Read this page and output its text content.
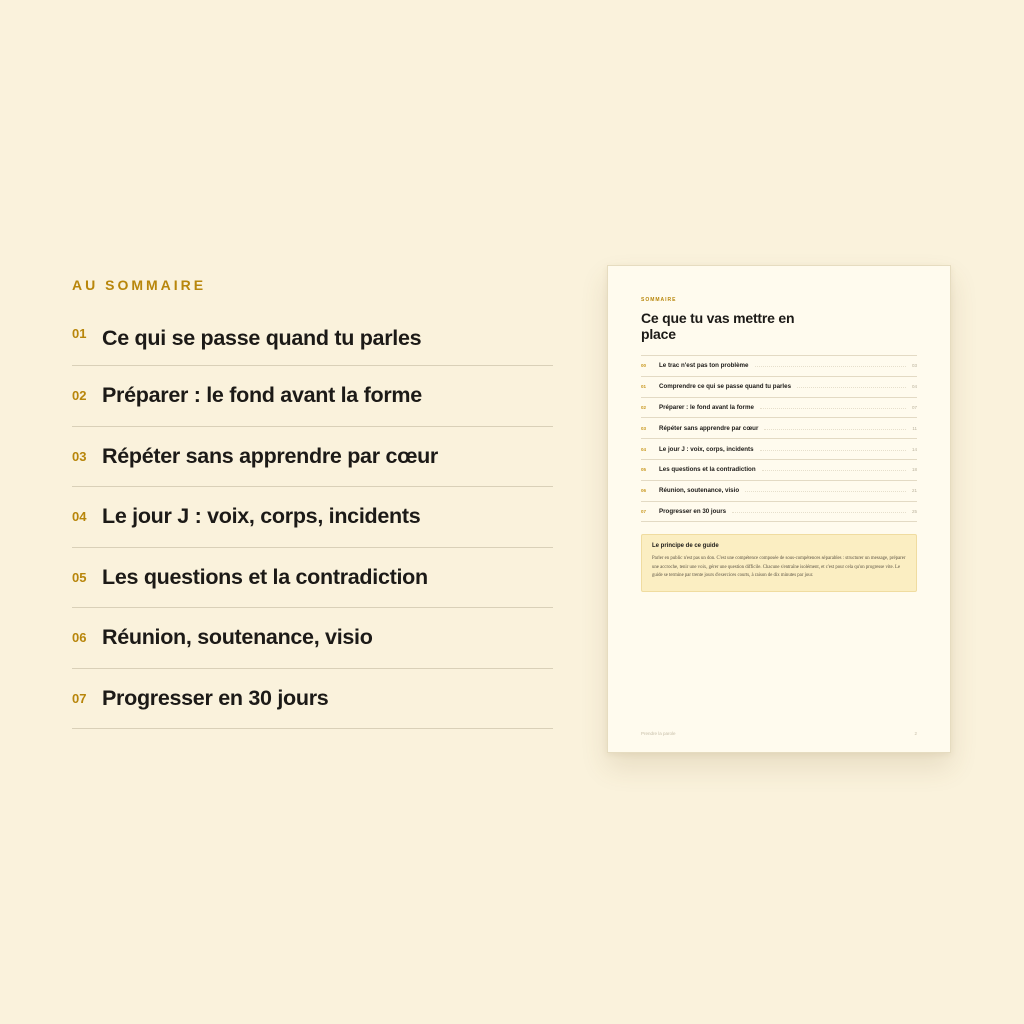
AU SOMMAIRE
01 Ce qui se passe quand tu parles
02 Préparer : le fond avant la forme
03 Répéter sans apprendre par cœur
04 Le jour J : voix, corps, incidents
05 Les questions et la contradiction
06 Réunion, soutenance, visio
07 Progresser en 30 jours
SOMMAIRE
Ce que tu vas mettre en place
00	Le trac n'est pas ton problème	03
01	Comprendre ce qui se passe quand tu parles	04
02	Préparer : le fond avant la forme	07
03	Répéter sans apprendre par cœur	11
04	Le jour J : voix, corps, incidents	14
05	Les questions et la contradiction	18
06	Réunion, soutenance, visio	21
07	Progresser en 30 jours	25
Le principe de ce guide
Parler en public n'est pas un don. C'est une compétence composée de sous-compétences séparables : structurer un message, préparer une accroche, tenir une voix, gérer une question difficile. Chacune s'entraîne isolément, et c'est pour cela qu'on progresse vite. Le guide se termine par trente jours d'exercices courts, à raison de dix minutes par jour.
Prendre la parole	2
